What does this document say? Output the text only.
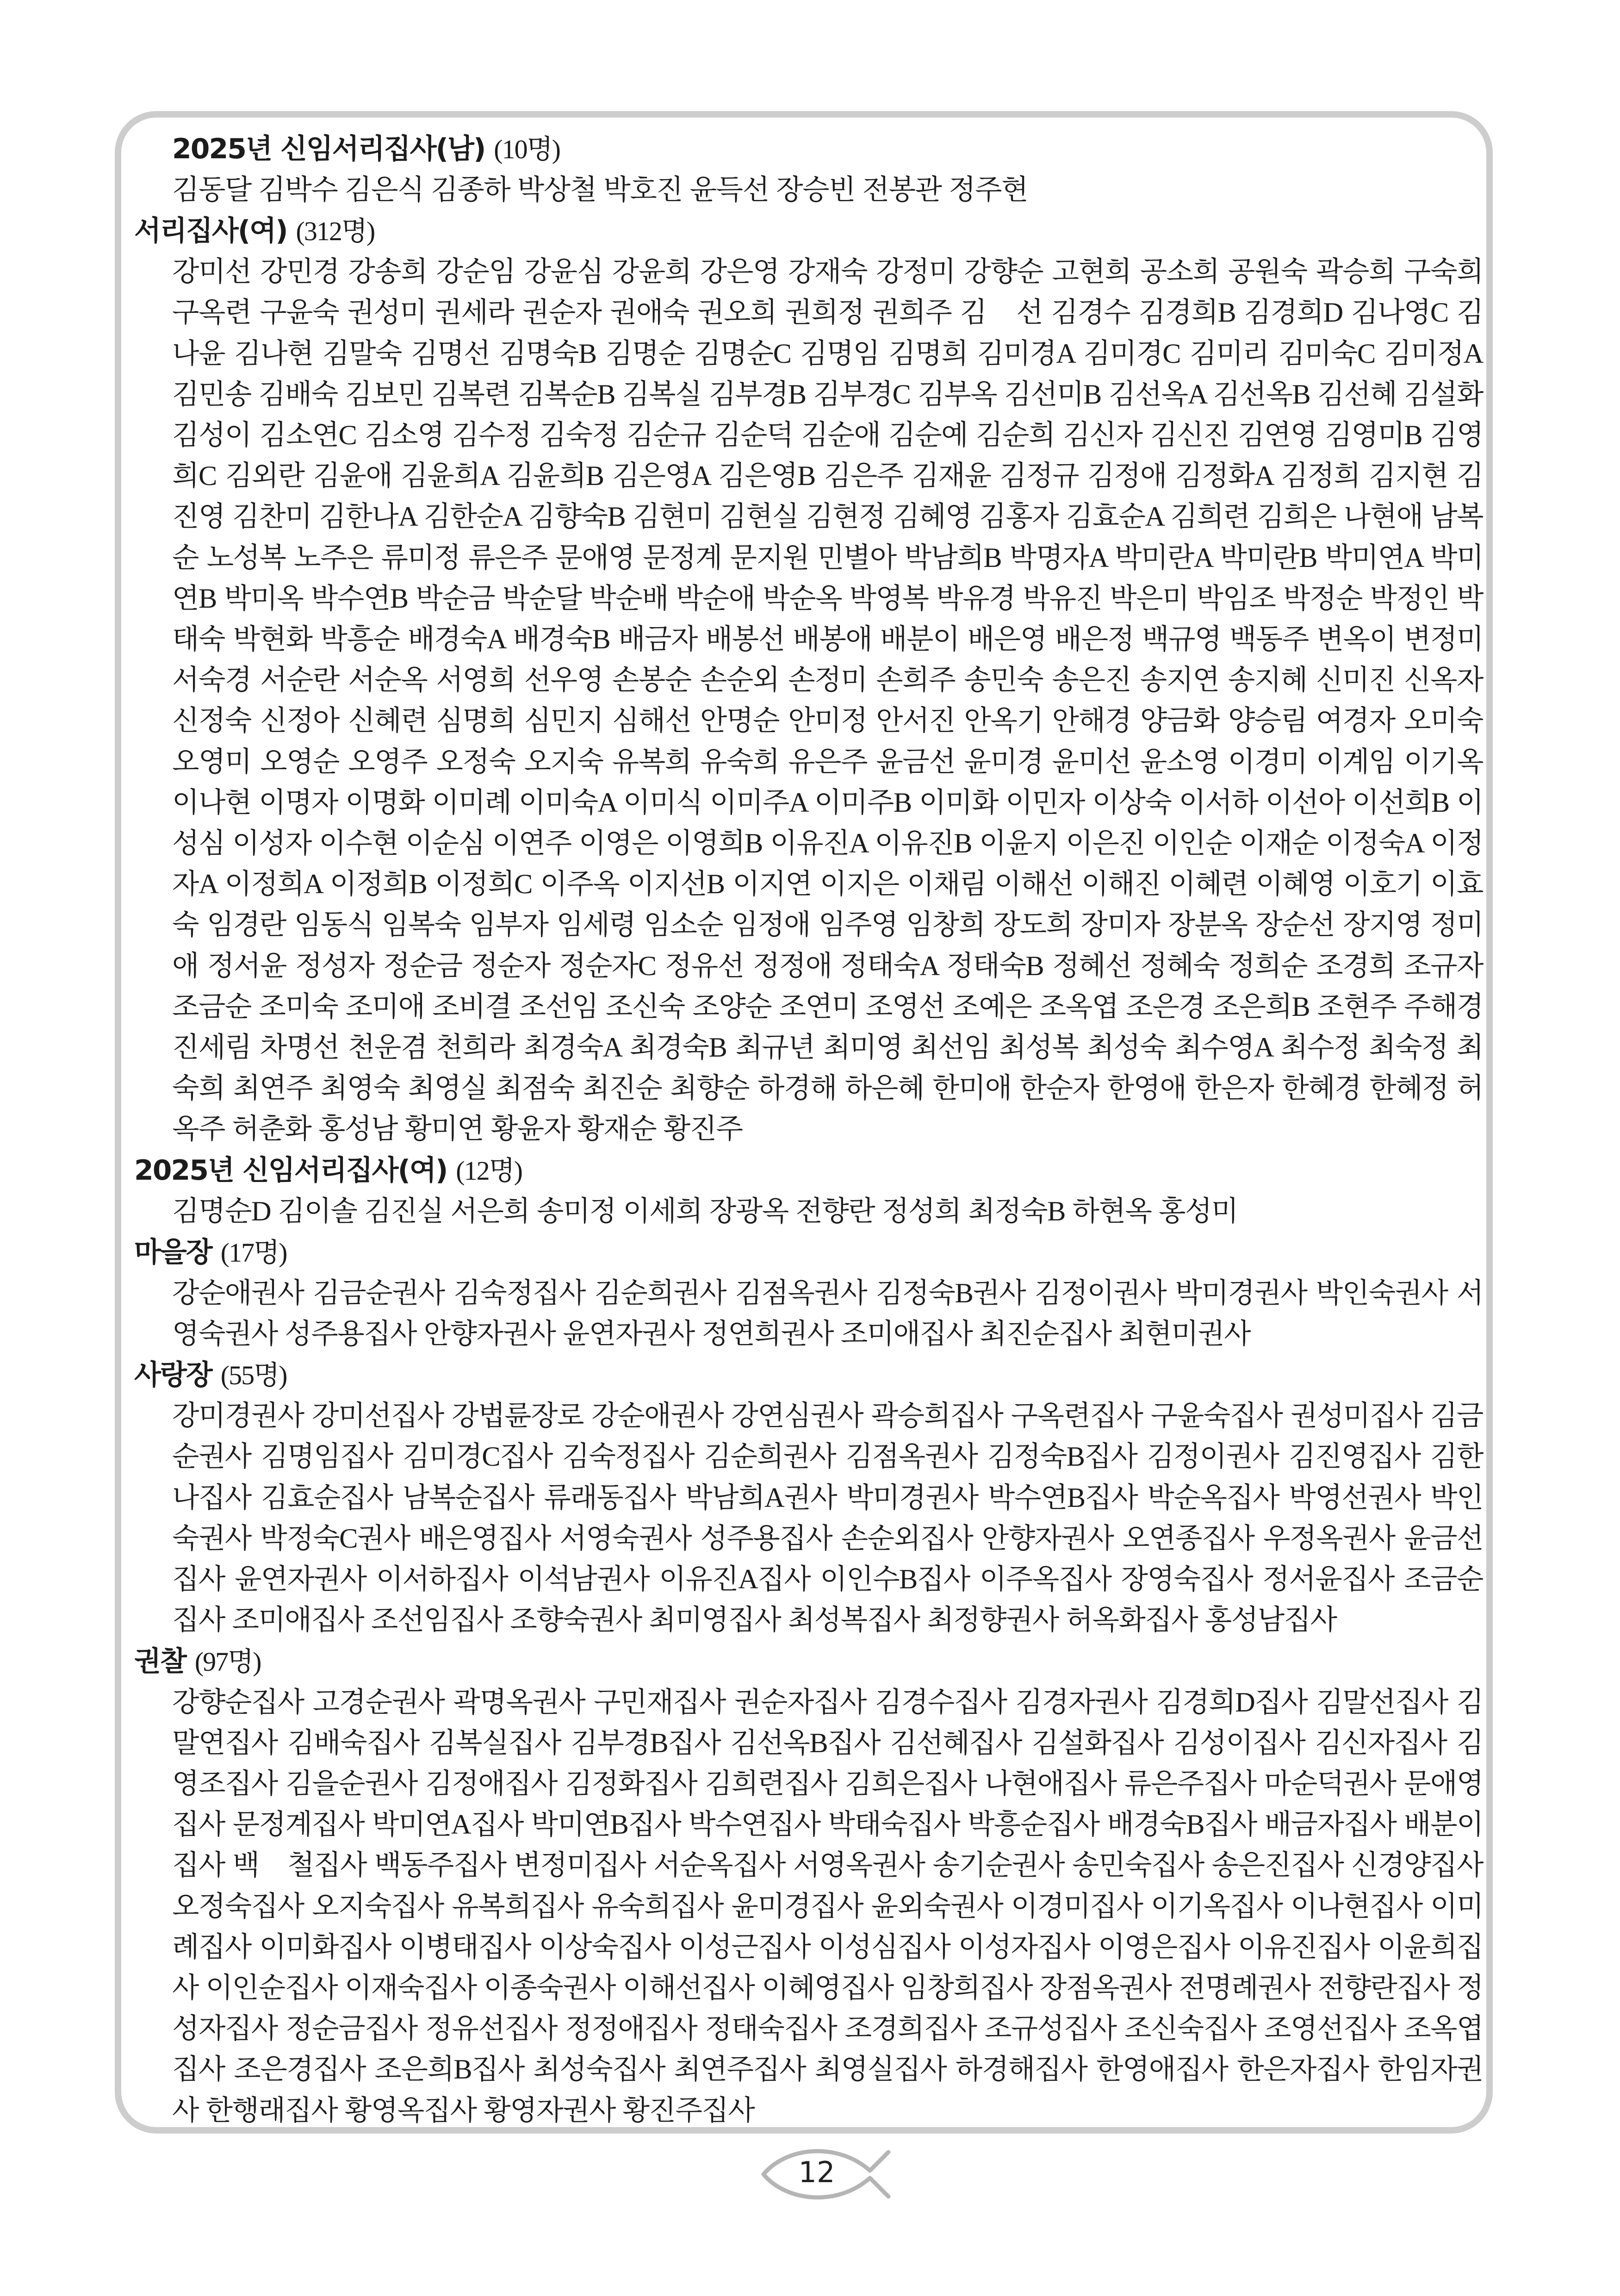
2025년 신임서리집사(남) (10명)
김동달 김박수 김은식 김종하 박상철 박호진 윤득선 장승빈 전봉관 정주현
서리집사(여) (312명)
강미선 강민경 강송희 강순임 강윤심 강윤희 강은영 강재숙 강정미 강향순 고현희 공소희 공원숙 곽승희 구숙희 구옥련 구윤숙 권성미 권세라 권순자 권애숙 권오희 권희정 권희주 김　선 김경수 김경희B 김경희D 김나영C 김나윤 김나현 김말숙 김명선 김명숙B 김명순 김명순C 김명임 김명희 김미경A 김미경C 김미리 김미숙C 김미정A 김민송 김배숙 김보민 김복련 김복순B 김복실 김부경B 김부경C 김부옥 김선미B 김선옥A 김선옥B 김선혜 김설화 김성이 김소연C 김소영 김수정 김숙정 김순규 김순덕 김순애 김순예 김순희 김신자 김신진 김연영 김영미B 김영희C 김외란 김윤애 김윤희A 김윤희B 김은영A 김은영B 김은주 김재윤 김정규 김정애 김정화A 김정희 김지현 김진영 김찬미 김한나A 김한순A 김향숙B 김현미 김현실 김현정 김혜영 김홍자 김효순A 김희련 김희은 나현애 남복순 노성복 노주은 류미정 류은주 문애영 문정계 문지원 민별아 박남희B 박명자A 박미란A 박미란B 박미연A 박미연B 박미옥 박수연B 박순금 박순달 박순배 박순애 박순옥 박영복 박유경 박유진 박은미 박임조 박정순 박정인 박태숙 박현화 박흥순 배경숙A 배경숙B 배금자 배봉선 배봉애 배분이 배은영 배은정 백규영 백동주 변옥이 변정미 서숙경 서순란 서순옥 서영희 선우영 손봉순 손순외 손정미 손희주 송민숙 송은진 송지연 송지혜 신미진 신옥자 신정숙 신정아 신혜련 심명희 심민지 심해선 안명순 안미정 안서진 안옥기 안해경 양금화 양승림 여경자 오미숙 오영미 오영순 오영주 오정숙 오지숙 유복희 유숙희 유은주 윤금선 윤미경 윤미선 윤소영 이경미 이계임 이기옥 이나현 이명자 이명화 이미례 이미숙A 이미식 이미주A 이미주B 이미화 이민자 이상숙 이서하 이선아 이선희B 이성심 이성자 이수현 이순심 이연주 이영은 이영희B 이유진A 이유진B 이윤지 이은진 이인순 이재순 이정숙A 이정자A 이정희A 이정희B 이정희C 이주옥 이지선B 이지연 이지은 이채림 이해선 이해진 이혜련 이혜영 이호기 이효숙 임경란 임동식 임복숙 임부자 임세령 임소순 임정애 임주영 임창희 장도희 장미자 장분옥 장순선 장지영 정미애 정서윤 정성자 정순금 정순자 정순자C 정유선 정정애 정태숙A 정태숙B 정혜선 정혜숙 정희순 조경희 조규자 조금순 조미숙 조미애 조비결 조선임 조신숙 조양순 조연미 조영선 조예은 조옥엽 조은경 조은희B 조현주 주해경 진세림 차명선 천운겸 천희라 최경숙A 최경숙B 최규년 최미영 최선임 최성복 최성숙 최수영A 최수정 최숙정 최숙희 최연주 최영숙 최영실 최점숙 최진순 최향순 하경해 하은혜 한미애 한순자 한영애 한은자 한혜경 한혜정 허옥주 허춘화 홍성남 황미연 황윤자 황재순 황진주
2025년 신임서리집사(여) (12명)
김명순D 김이솔 김진실 서은희 송미정 이세희 장광옥 전향란 정성희 최정숙B 하현옥 홍성미
마을장 (17명)
강순애권사 김금순권사 김숙정집사 김순희권사 김점옥권사 김정숙B권사 김정이권사 박미경권사 박인숙권사 서영숙권사 성주용집사 안향자권사 윤연자권사 정연희권사 조미애집사 최진순집사 최현미권사
사랑장 (55명)
강미경권사 강미선집사 강법륜장로 강순애권사 강연심권사 곽승희집사 구옥련집사 구윤숙집사 권성미집사 김금순권사 김명임집사 김미경C집사 김숙정집사 김순희권사 김점옥권사 김정숙B집사 김정이권사 김진영집사 김한나집사 김효순집사 남복순집사 류래동집사 박남희A권사 박미경권사 박수연B집사 박순옥집사 박영선권사 박인숙권사 박정숙C권사 배은영집사 서영숙권사 성주용집사 손순외집사 안향자권사 오연종집사 우정옥권사 윤금선집사 윤연자권사 이서하집사 이석남권사 이유진A집사 이인수B집사 이주옥집사 장영숙집사 정서윤집사 조금순집사 조미애집사 조선임집사 조향숙권사 최미영집사 최성복집사 최정향권사 허옥화집사 홍성남집사
권찰 (97명)
강향순집사 고경순권사 곽명옥권사 구민재집사 권순자집사 김경수집사 김경자권사 김경희D집사 김말선집사 김말연집사 김배숙집사 김복실집사 김부경B집사 김선옥B집사 김선혜집사 김설화집사 김성이집사 김신자집사 김영조집사 김을순권사 김정애집사 김정화집사 김희련집사 김희은집사 나현애집사 류은주집사 마순덕권사 문애영집사 문정계집사 박미연A집사 박미연B집사 박수연집사 박태숙집사 박흥순집사 배경숙B집사 배금자집사 배분이집사 백　철집사 백동주집사 변정미집사 서순옥집사 서영옥권사 송기순권사 송민숙집사 송은진집사 신경양집사 오정숙집사 오지숙집사 유복희집사 유숙희집사 윤미경집사 윤외숙권사 이경미집사 이기옥집사 이나현집사 이미례집사 이미화집사 이병태집사 이상숙집사 이성근집사 이성심집사 이성자집사 이영은집사 이유진집사 이윤희집사 이인순집사 이재숙집사 이종숙권사 이해선집사 이혜영집사 임창희집사 장점옥권사 전명례권사 전향란집사 정성자집사 정순금집사 정유선집사 정정애집사 정태숙집사 조경희집사 조규성집사 조신숙집사 조영선집사 조옥엽집사 조은경집사 조은희B집사 최성숙집사 최연주집사 최영실집사 하경해집사 한영애집사 한은자집사 한임자권사 한행래집사 황영옥집사 황영자권사 황진주집사
12
